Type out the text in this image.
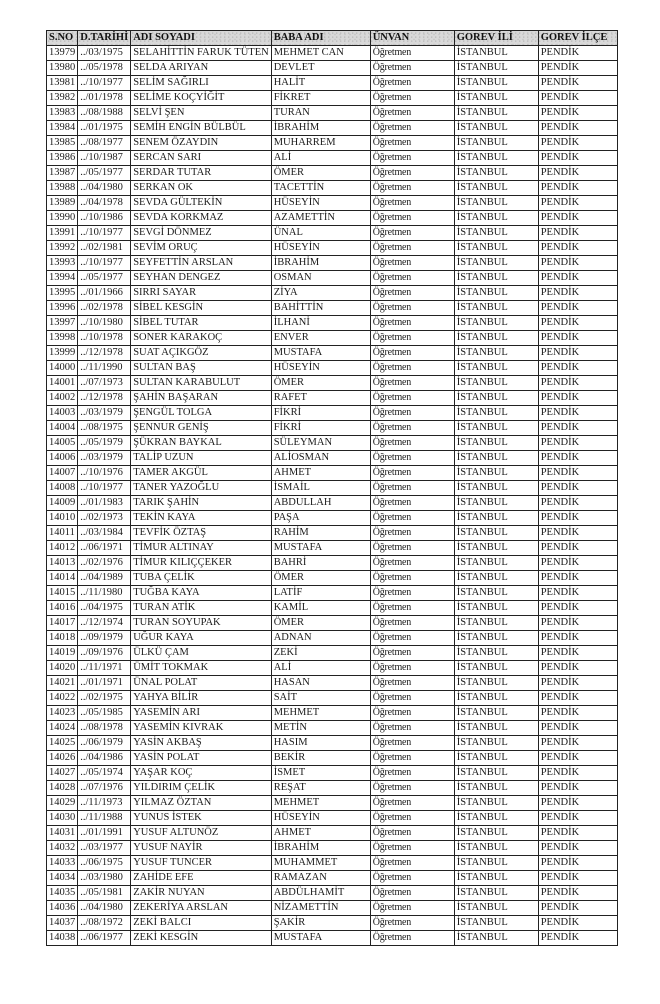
S.NO	D.TARİHİ	ADI SOYADI	BABA ADI	ÜNVAN	GOREV İLİ	GOREV İLÇE
13979	../03/1975	SELAHİTTİN FARUK TÜTEN	MEHMET CAN	Öğretmen	İSTANBUL	PENDİK
13980	../05/1978	SELDA ARIYAN	DEVLET	Öğretmen	İSTANBUL	PENDİK
13981	../10/1977	SELİM SAĞIRLI	HALİT	Öğretmen	İSTANBUL	PENDİK
13982	../01/1978	SELİME KOÇYİĞİT	FİKRET	Öğretmen	İSTANBUL	PENDİK
13983	../08/1988	SELVİ ŞEN	TURAN	Öğretmen	İSTANBUL	PENDİK
13984	../01/1975	SEMİH ENGİN BÜLBÜL	İBRAHİM	Öğretmen	İSTANBUL	PENDİK
13985	../08/1977	SENEM ÖZAYDIN	MUHARREM	Öğretmen	İSTANBUL	PENDİK
13986	../10/1987	SERCAN SARI	ALİ	Öğretmen	İSTANBUL	PENDİK
13987	../05/1977	SERDAR TUTAR	ÖMER	Öğretmen	İSTANBUL	PENDİK
13988	../04/1980	SERKAN OK	TACETTİN	Öğretmen	İSTANBUL	PENDİK
13989	../04/1978	SEVDA GÜLTEKİN	HÜSEYİN	Öğretmen	İSTANBUL	PENDİK
13990	../10/1986	SEVDA KORKMAZ	AZAMETTİN	Öğretmen	İSTANBUL	PENDİK
13991	../10/1977	SEVGİ DÖNMEZ	ÜNAL	Öğretmen	İSTANBUL	PENDİK
13992	../02/1981	SEVİM ORUÇ	HÜSEYİN	Öğretmen	İSTANBUL	PENDİK
13993	../10/1977	SEYFETTİN ARSLAN	İBRAHİM	Öğretmen	İSTANBUL	PENDİK
13994	../05/1977	SEYHAN DENGEZ	OSMAN	Öğretmen	İSTANBUL	PENDİK
13995	../01/1966	SIRRI SAYAR	ZİYA	Öğretmen	İSTANBUL	PENDİK
13996	../02/1978	SİBEL KESGİN	BAHİTTİN	Öğretmen	İSTANBUL	PENDİK
13997	../10/1980	SİBEL TUTAR	İLHANİ	Öğretmen	İSTANBUL	PENDİK
13998	../10/1978	SONER KARAKOÇ	ENVER	Öğretmen	İSTANBUL	PENDİK
13999	../12/1978	SUAT AÇIKGÖZ	MUSTAFA	Öğretmen	İSTANBUL	PENDİK
14000	../11/1990	SULTAN BAŞ	HÜSEYİN	Öğretmen	İSTANBUL	PENDİK
14001	../07/1973	SULTAN KARABULUT	ÖMER	Öğretmen	İSTANBUL	PENDİK
14002	../12/1978	ŞAHİN BAŞARAN	RAFET	Öğretmen	İSTANBUL	PENDİK
14003	../03/1979	ŞENGÜL TOLGA	FİKRİ	Öğretmen	İSTANBUL	PENDİK
14004	../08/1975	ŞENNUR GENİŞ	FİKRİ	Öğretmen	İSTANBUL	PENDİK
14005	../05/1979	ŞÜKRAN BAYKAL	SÜLEYMAN	Öğretmen	İSTANBUL	PENDİK
14006	../03/1979	TALİP UZUN	ALİOSMAN	Öğretmen	İSTANBUL	PENDİK
14007	../10/1976	TAMER AKGÜL	AHMET	Öğretmen	İSTANBUL	PENDİK
14008	../10/1977	TANER YAZOĞLU	İSMAİL	Öğretmen	İSTANBUL	PENDİK
14009	../01/1983	TARIK ŞAHİN	ABDULLAH	Öğretmen	İSTANBUL	PENDİK
14010	../02/1973	TEKİN KAYA	PAŞA	Öğretmen	İSTANBUL	PENDİK
14011	../03/1984	TEVFİK ÖZTAŞ	RAHİM	Öğretmen	İSTANBUL	PENDİK
14012	../06/1971	TİMUR ALTINAY	MUSTAFA	Öğretmen	İSTANBUL	PENDİK
14013	../02/1976	TİMUR KILIÇÇEKER	BAHRİ	Öğretmen	İSTANBUL	PENDİK
14014	../04/1989	TUBA ÇELİK	ÖMER	Öğretmen	İSTANBUL	PENDİK
14015	../11/1980	TUĞBA KAYA	LATİF	Öğretmen	İSTANBUL	PENDİK
14016	../04/1975	TURAN ATİK	KAMİL	Öğretmen	İSTANBUL	PENDİK
14017	../12/1974	TURAN SOYUPAK	ÖMER	Öğretmen	İSTANBUL	PENDİK
14018	../09/1979	UĞUR KAYA	ADNAN	Öğretmen	İSTANBUL	PENDİK
14019	../09/1976	ÜLKÜ ÇAM	ZEKİ	Öğretmen	İSTANBUL	PENDİK
14020	../11/1971	ÜMİT TOKMAK	ALİ	Öğretmen	İSTANBUL	PENDİK
14021	../01/1971	ÜNAL POLAT	HASAN	Öğretmen	İSTANBUL	PENDİK
14022	../02/1975	YAHYA BİLİR	SAİT	Öğretmen	İSTANBUL	PENDİK
14023	../05/1985	YASEMİN ARI	MEHMET	Öğretmen	İSTANBUL	PENDİK
14024	../08/1978	YASEMİN KIVRAK	METİN	Öğretmen	İSTANBUL	PENDİK
14025	../06/1979	YASİN AKBAŞ	HASIM	Öğretmen	İSTANBUL	PENDİK
14026	../04/1986	YASİN POLAT	BEKİR	Öğretmen	İSTANBUL	PENDİK
14027	../05/1974	YAŞAR KOÇ	İSMET	Öğretmen	İSTANBUL	PENDİK
14028	../07/1976	YILDIRIM ÇELİK	REŞAT	Öğretmen	İSTANBUL	PENDİK
14029	../11/1973	YILMAZ ÖZTAN	MEHMET	Öğretmen	İSTANBUL	PENDİK
14030	../11/1988	YUNUS İSTEK	HÜSEYİN	Öğretmen	İSTANBUL	PENDİK
14031	../01/1991	YUSUF ALTUNÖZ	AHMET	Öğretmen	İSTANBUL	PENDİK
14032	../03/1977	YUSUF NAYİR	İBRAHİM	Öğretmen	İSTANBUL	PENDİK
14033	../06/1975	YUSUF TUNCER	MUHAMMET	Öğretmen	İSTANBUL	PENDİK
14034	../03/1980	ZAHİDE EFE	RAMAZAN	Öğretmen	İSTANBUL	PENDİK
14035	../05/1981	ZAKİR NUYAN	ABDÜLHAMİT	Öğretmen	İSTANBUL	PENDİK
14036	../04/1980	ZEKERİYA ARSLAN	NİZAMETTİN	Öğretmen	İSTANBUL	PENDİK
14037	../08/1972	ZEKİ BALCI	ŞAKİR	Öğretmen	İSTANBUL	PENDİK
14038	../06/1977	ZEKİ KESGİN	MUSTAFA	Öğretmen	İSTANBUL	PENDİK
